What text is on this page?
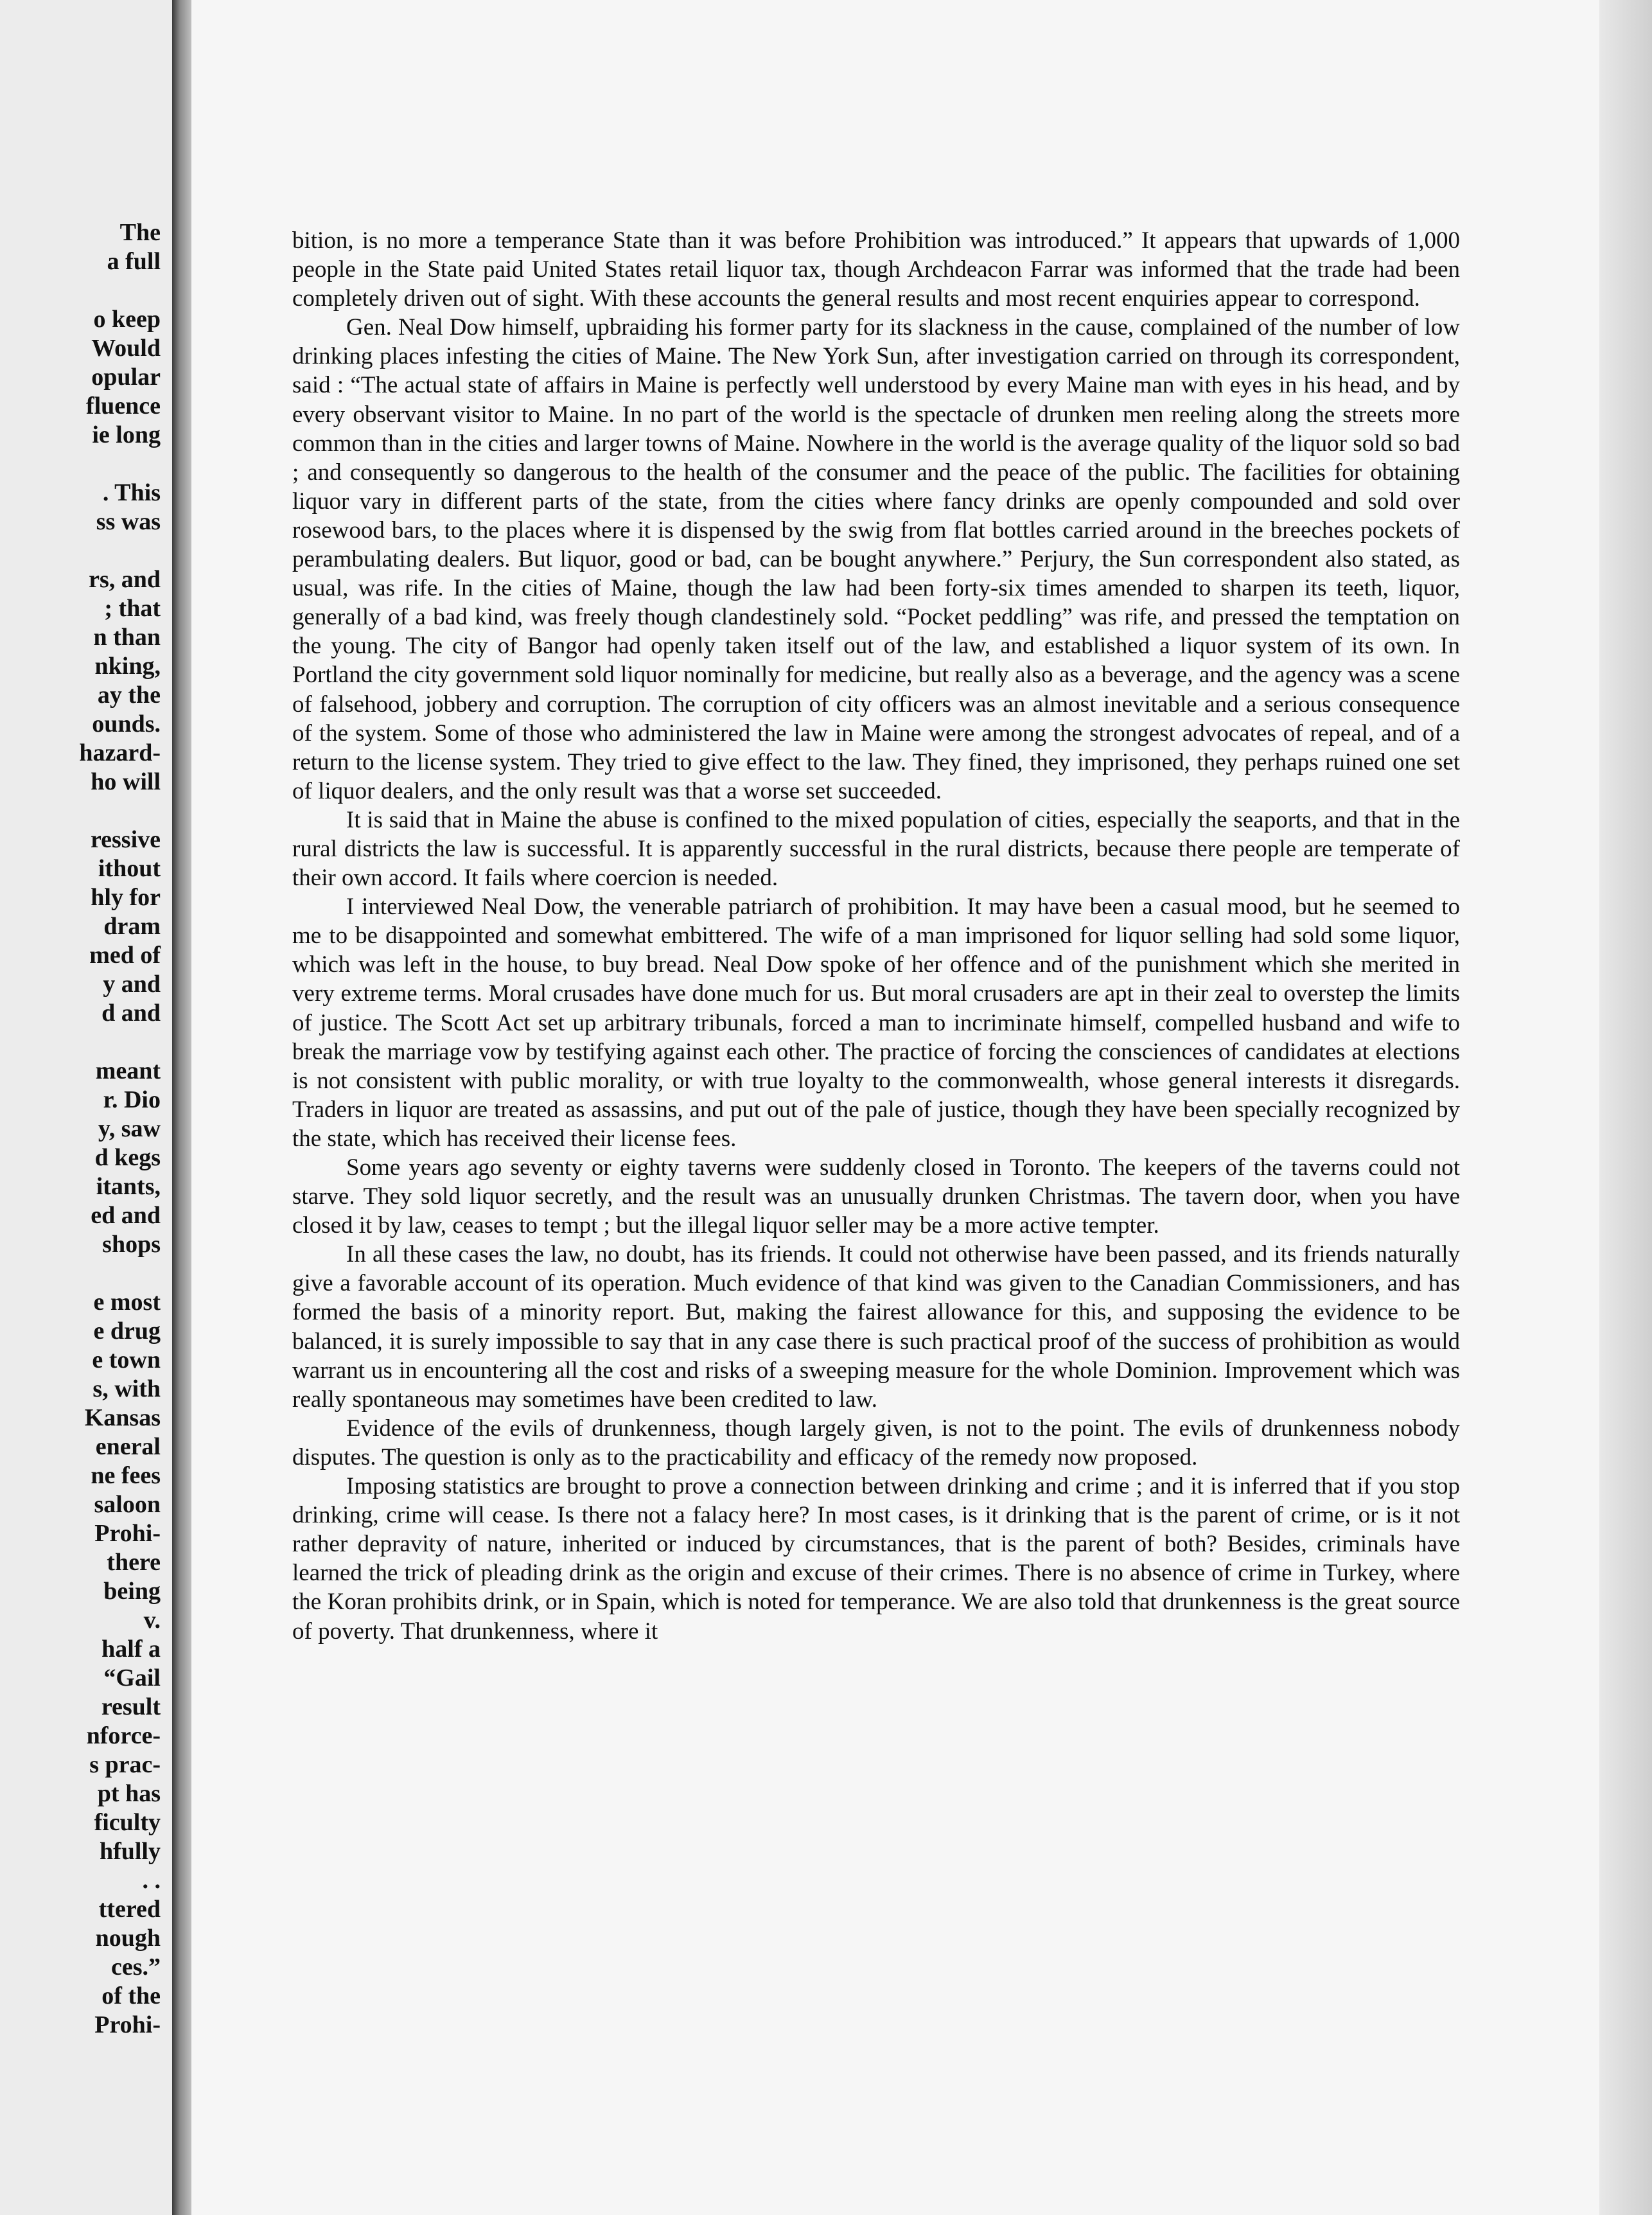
The
a full
o keep
Would
opular
fluence
ie long
. This
ss was
rs, and
; that
n than
nking,
ay the
ounds.
hazard-
ho will
ressive
ithout
hly for
dram
med of
y and
d and
meant
r. Dio
y, saw
d kegs
itants,
ed and
shops
e most
e drug
e town
s, with
Kansas
eneral
ne fees
saloon
Prohi-
there
being
v.
half a
“Gail
result
nforce-
s prac-
pt has
ficulty
hfully
. .
ttered
nough
ces.”
of the
Prohi-

bition, is no more a temperance State than it was before Prohibition was introduced.” It appears that upwards of 1,000 people in the State paid United States retail liquor tax, though Archdeacon Farrar was informed that the trade had been completely driven out of sight. With these accounts the general results and most recent enquiries appear to correspond.

Gen. Neal Dow himself, upbraiding his former party for its slackness in the cause, complained of the number of low drinking places infesting the cities of Maine. The New York Sun, after investigation carried on through its correspondent, said : “The actual state of affairs in Maine is perfectly well understood by every Maine man with eyes in his head, and by every observant visitor to Maine. In no part of the world is the spectacle of drunken men reeling along the streets more common than in the cities and larger towns of Maine. Nowhere in the world is the average quality of the liquor sold so bad ; and consequently so dangerous to the health of the consumer and the peace of the public. The facilities for obtaining liquor vary in different parts of the state, from the cities where fancy drinks are openly compounded and sold over rosewood bars, to the places where it is dispensed by the swig from flat bottles carried around in the breeches pockets of perambulating dealers. But liquor, good or bad, can be bought anywhere.” Perjury, the Sun correspondent also stated, as usual, was rife. In the cities of Maine, though the law had been forty-six times amended to sharpen its teeth, liquor, generally of a bad kind, was freely though clandestinely sold. “Pocket peddling” was rife, and pressed the temptation on the young. The city of Bangor had openly taken itself out of the law, and established a liquor system of its own. In Portland the city government sold liquor nominally for medicine, but really also as a beverage, and the agency was a scene of falsehood, jobbery and corruption. The corruption of city officers was an almost inevitable and a serious consequence of the system. Some of those who administered the law in Maine were among the strongest advocates of repeal, and of a return to the license system. They tried to give effect to the law. They fined, they imprisoned, they perhaps ruined one set of liquor dealers, and the only result was that a worse set succeeded.

It is said that in Maine the abuse is confined to the mixed population of cities, especially the seaports, and that in the rural districts the law is successful. It is apparently successful in the rural districts, because there people are temperate of their own accord. It fails where coercion is needed.

I interviewed Neal Dow, the venerable patriarch of prohibition. It may have been a casual mood, but he seemed to me to be disappointed and somewhat embittered. The wife of a man imprisoned for liquor selling had sold some liquor, which was left in the house, to buy bread. Neal Dow spoke of her offence and of the punishment which she merited in very extreme terms. Moral crusades have done much for us. But moral crusaders are apt in their zeal to overstep the limits of justice. The Scott Act set up arbitrary tribunals, forced a man to incriminate himself, compelled husband and wife to break the marriage vow by testifying against each other. The practice of forcing the consciences of candidates at elections is not consistent with public morality, or with true loyalty to the commonwealth, whose general interests it disregards. Traders in liquor are treated as assassins, and put out of the pale of justice, though they have been specially recognized by the state, which has received their license fees.

Some years ago seventy or eighty taverns were suddenly closed in Toronto. The keepers of the taverns could not starve. They sold liquor secretly, and the result was an unusually drunken Christmas. The tavern door, when you have closed it by law, ceases to tempt ; but the illegal liquor seller may be a more active tempter.

In all these cases the law, no doubt, has its friends. It could not otherwise have been passed, and its friends naturally give a favorable account of its operation. Much evidence of that kind was given to the Canadian Commissioners, and has formed the basis of a minority report. But, making the fairest allowance for this, and supposing the evidence to be balanced, it is surely impossible to say that in any case there is such practical proof of the success of prohibition as would warrant us in encountering all the cost and risks of a sweeping measure for the whole Dominion. Improvement which was really spontaneous may sometimes have been credited to law.

Evidence of the evils of drunkenness, though largely given, is not to the point. The evils of drunkenness nobody disputes. The question is only as to the practicability and efficacy of the remedy now proposed.

Imposing statistics are brought to prove a connection between drinking and crime ; and it is inferred that if you stop drinking, crime will cease. Is there not a falacy here? In most cases, is it drinking that is the parent of crime, or is it not rather depravity of nature, inherited or induced by circumstances, that is the parent of both? Besides, criminals have learned the trick of pleading drink as the origin and excuse of their crimes. There is no absence of crime in Turkey, where the Koran prohibits drink, or in Spain, which is noted for temperance. We are also told that drunkenness is the great source of poverty. That drunkenness, where it
